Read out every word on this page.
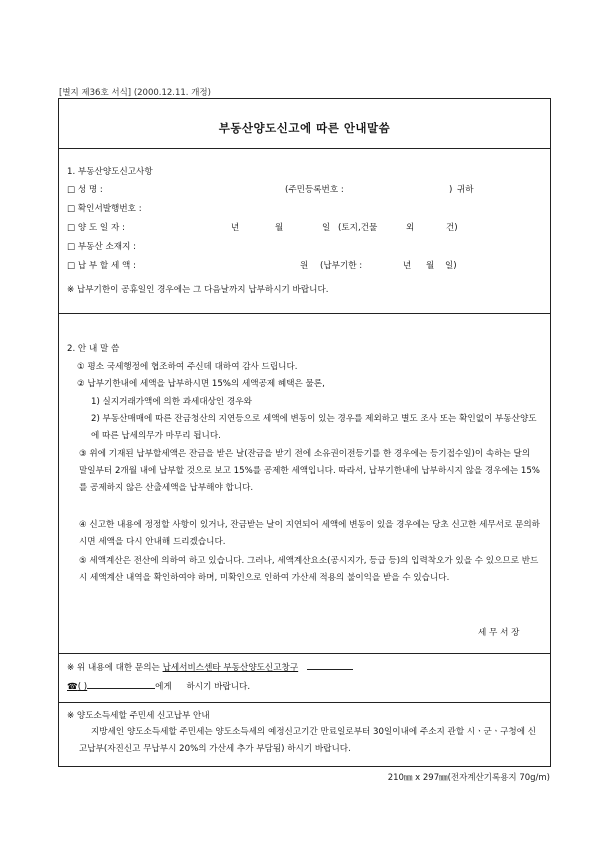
[별지 제36호 서식] (2000.12.11. 개정)
부동산양도신고에 따른 안내말씀
1. 부동산양도신고사항
□ 성 명 :	(주민등록번호 :	) 귀하
□ 확인서발행번호 :
□ 양 도 일 자 :	년	월	일 (토지,건물	외	건)
□ 부동산 소재지 :
□ 납 부 할 세 액 :	원 (납부기한 :	년 월 일)
※ 납부기한이 공휴일인 경우에는 그 다음날까지 납부하시기 바랍니다.
2. 안 내 말 씀
① 평소 국세행정에 협조하여 주신데 대하여 감사 드립니다.
② 납부기한내에 세액을 납부하시면 15%의 세액공제 혜택은 물론,
1) 실지거래가액에 의한 과세대상인 경우와
2) 부동산매매에 따른 잔금청산의 지연등으로 세액에 변동이 있는 경우를 제외하고 별도 조사 또는 확인없이 부동산양도에 따른 납세의무가 마무리 됩니다.
③ 위에 기재된 납부할세액은 잔금을 받은 날(잔금을 받기 전에 소유권이전등기를 한 경우에는 등기접수일)이 속하는 달의 말일부터 2개월 내에 납부할 것으로 보고 15%를 공제한 세액입니다. 따라서, 납부기한내에 납부하시지 않을 경우에는 15%를 공제하지 않은 산출세액을 납부해야 합니다.
④ 신고한 내용에 정정할 사항이 있거나, 잔금받는 날이 지연되어 세액에 변동이 있을 경우에는 당초 신고한 세무서로 문의하시면 세액을 다시 안내해 드리겠습니다.
⑤ 세액계산은 전산에 의하여 하고 있습니다. 그러나, 세액계산요소(공시지가, 등급 등)의 입력착오가 있을 수 있으므로 반드시 세액계산 내역을 확인하여야 하며, 미확인으로 인하여 가산세 적용의 불이익을 받을 수 있습니다.
세 무 서 장
※ 위 내용에 대한 문의는 납세서비스센타 부동산양도신고창구
☎( )	에게 하시기 바랍니다.
※ 양도소득세할 주민세 신고납부 안내
지방세인 양도소득세할 주민세는 양도소득세의 예정신고기간 만료일로부터 30일이내에 주소지 관할 시ㆍ군ㆍ구청에 신고납부(자진신고 무납부시 20%의 가산세 추가 부담됨) 하시기 바랍니다.
210㎜ x 297㎜(전자계산기록용지 70g/m)
